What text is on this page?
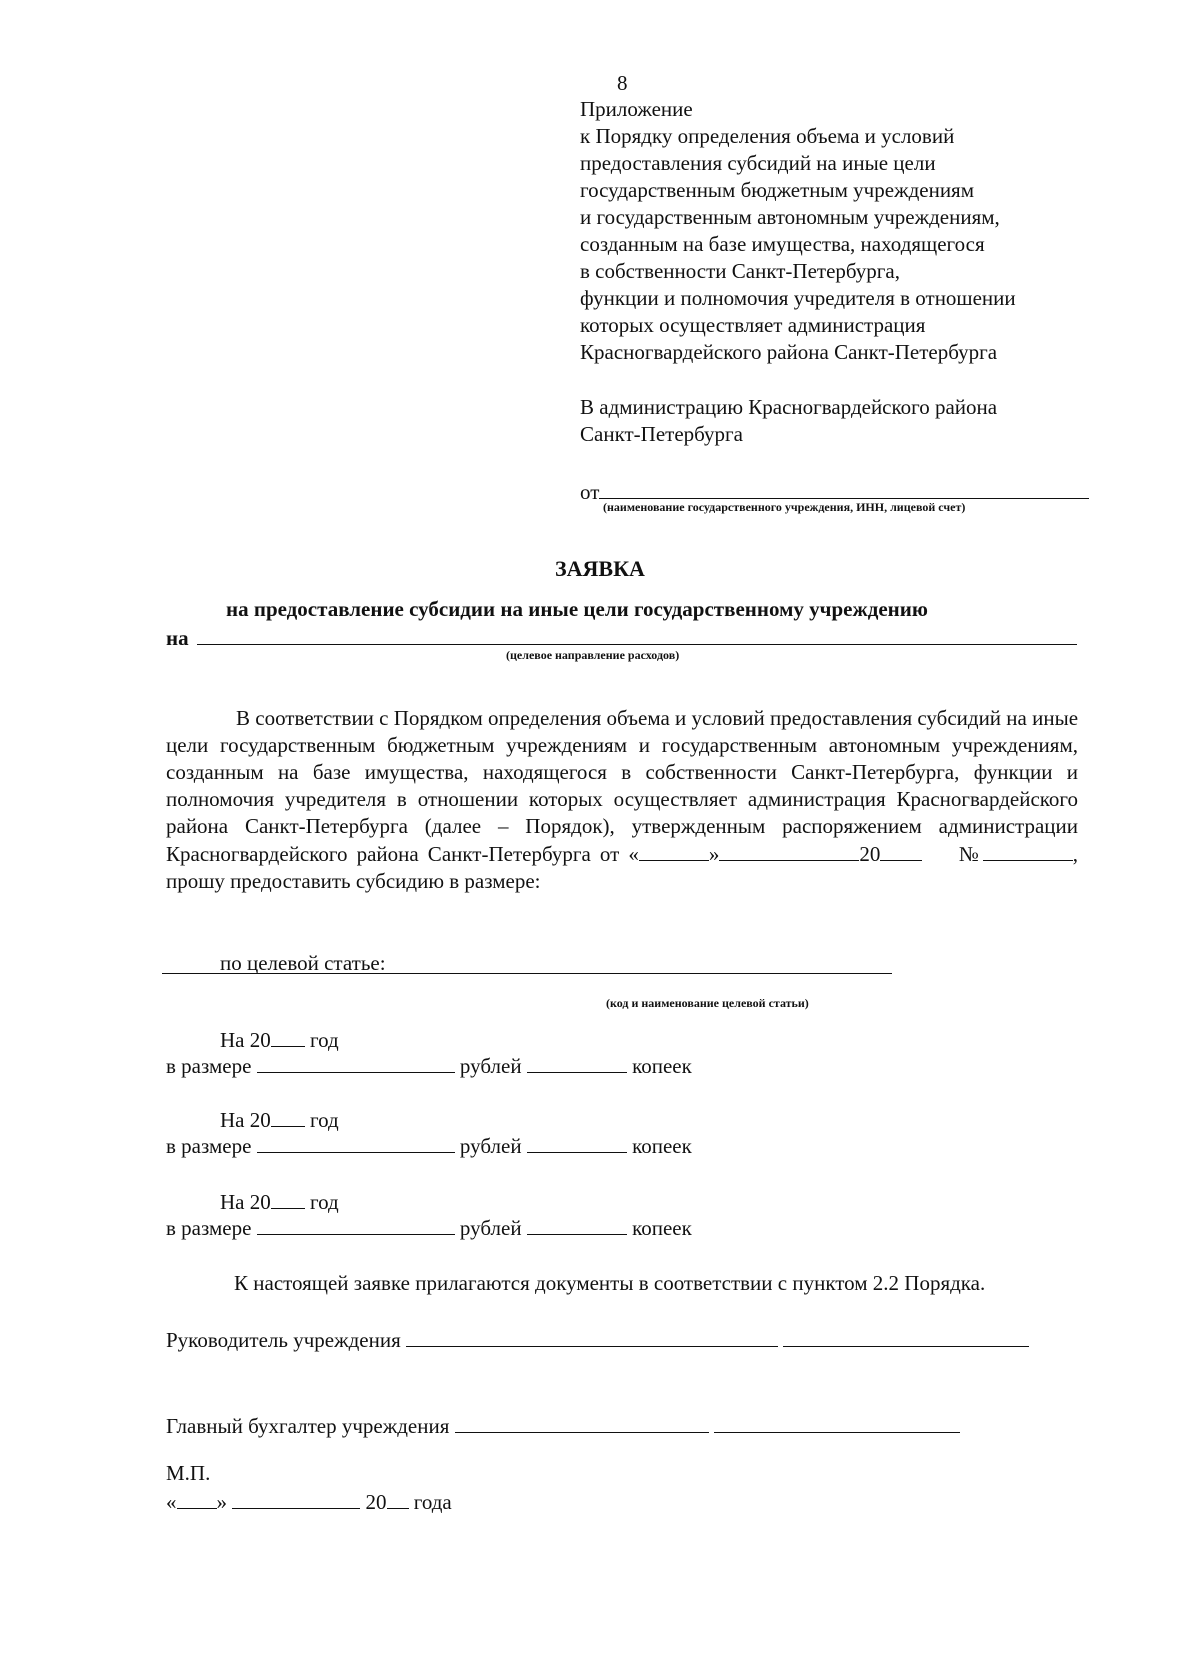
8
Приложение
к Порядку определения объема и условий
предоставления субсидий на иные цели
государственным бюджетным учреждениям
и государственным автономным учреждениям,
созданным на базе имущества, находящегося
в собственности Санкт-Петербурга,
функции и полномочия учредителя в отношении
которых осуществляет администрация
Красногвардейского района Санкт-Петербурга
В администрацию Красногвардейского района
Санкт-Петербурга
от
(наименование государственного учреждения, ИНН, лицевой счет)
ЗАЯВКА
на предоставление субсидии на иные цели государственному учреждению
на
(целевое направление расходов)

В соответствии с Порядком определения объема и условий предоставления субсидий на иные цели государственным бюджетным учреждениям и государственным автономным учреждениям, созданным на базе имущества, находящегося в собственности Санкт-Петербурга, функции и полномочия учредителя в отношении которых осуществляет администрация Красногвардейского района Санкт-Петербурга (далее – Порядок), утвержденным распоряжением администрации Красногвардейского района Санкт-Петербурга от «	»	20	№	, прошу предоставить субсидию в размере:

по целевой статье:
(код и наименование целевой статьи)
На 20 год
в размере	рублей	копеек
На 20 год
в размере	рублей	копеек
На 20 год
в размере	рублей	копеек
К настоящей заявке прилагаются документы в соответствии с пунктом 2.2 Порядка.
Руководитель учреждения
Главный бухгалтер учреждения
М.П.
« »	20 года
